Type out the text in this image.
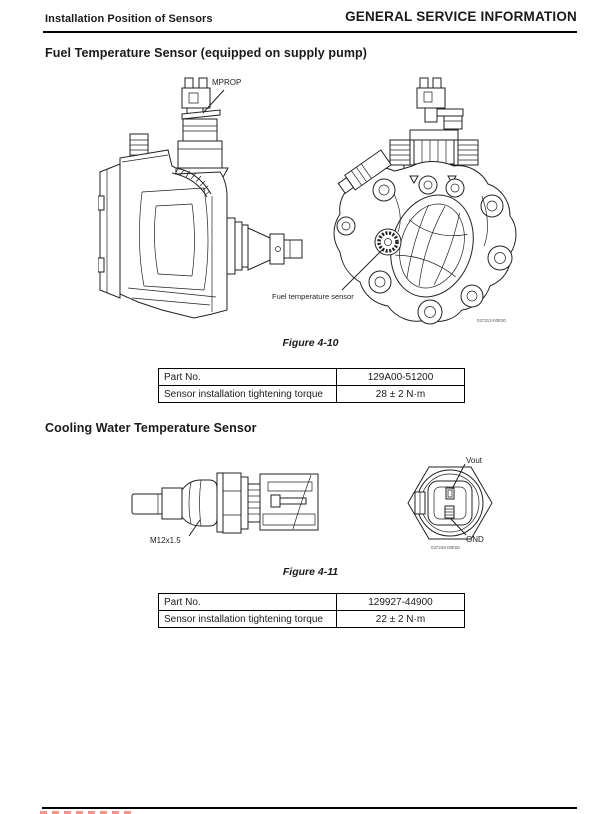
Installation Position of Sensors	GENERAL SERVICE INFORMATION
Fuel Temperature Sensor (equipped on supply pump)
MPROP
Fuel temperature sensor
037313-00E00
Figure 4-10
Part No.	129A00-51200
Sensor installation tightening torque	28 ± 2 N·m
Cooling Water Temperature Sensor
M12x1.5
Vout
GND
037249-00E00
Figure 4-11
Part No.	129927-44900
Sensor installation tightening torque	22 ± 2 N·m
